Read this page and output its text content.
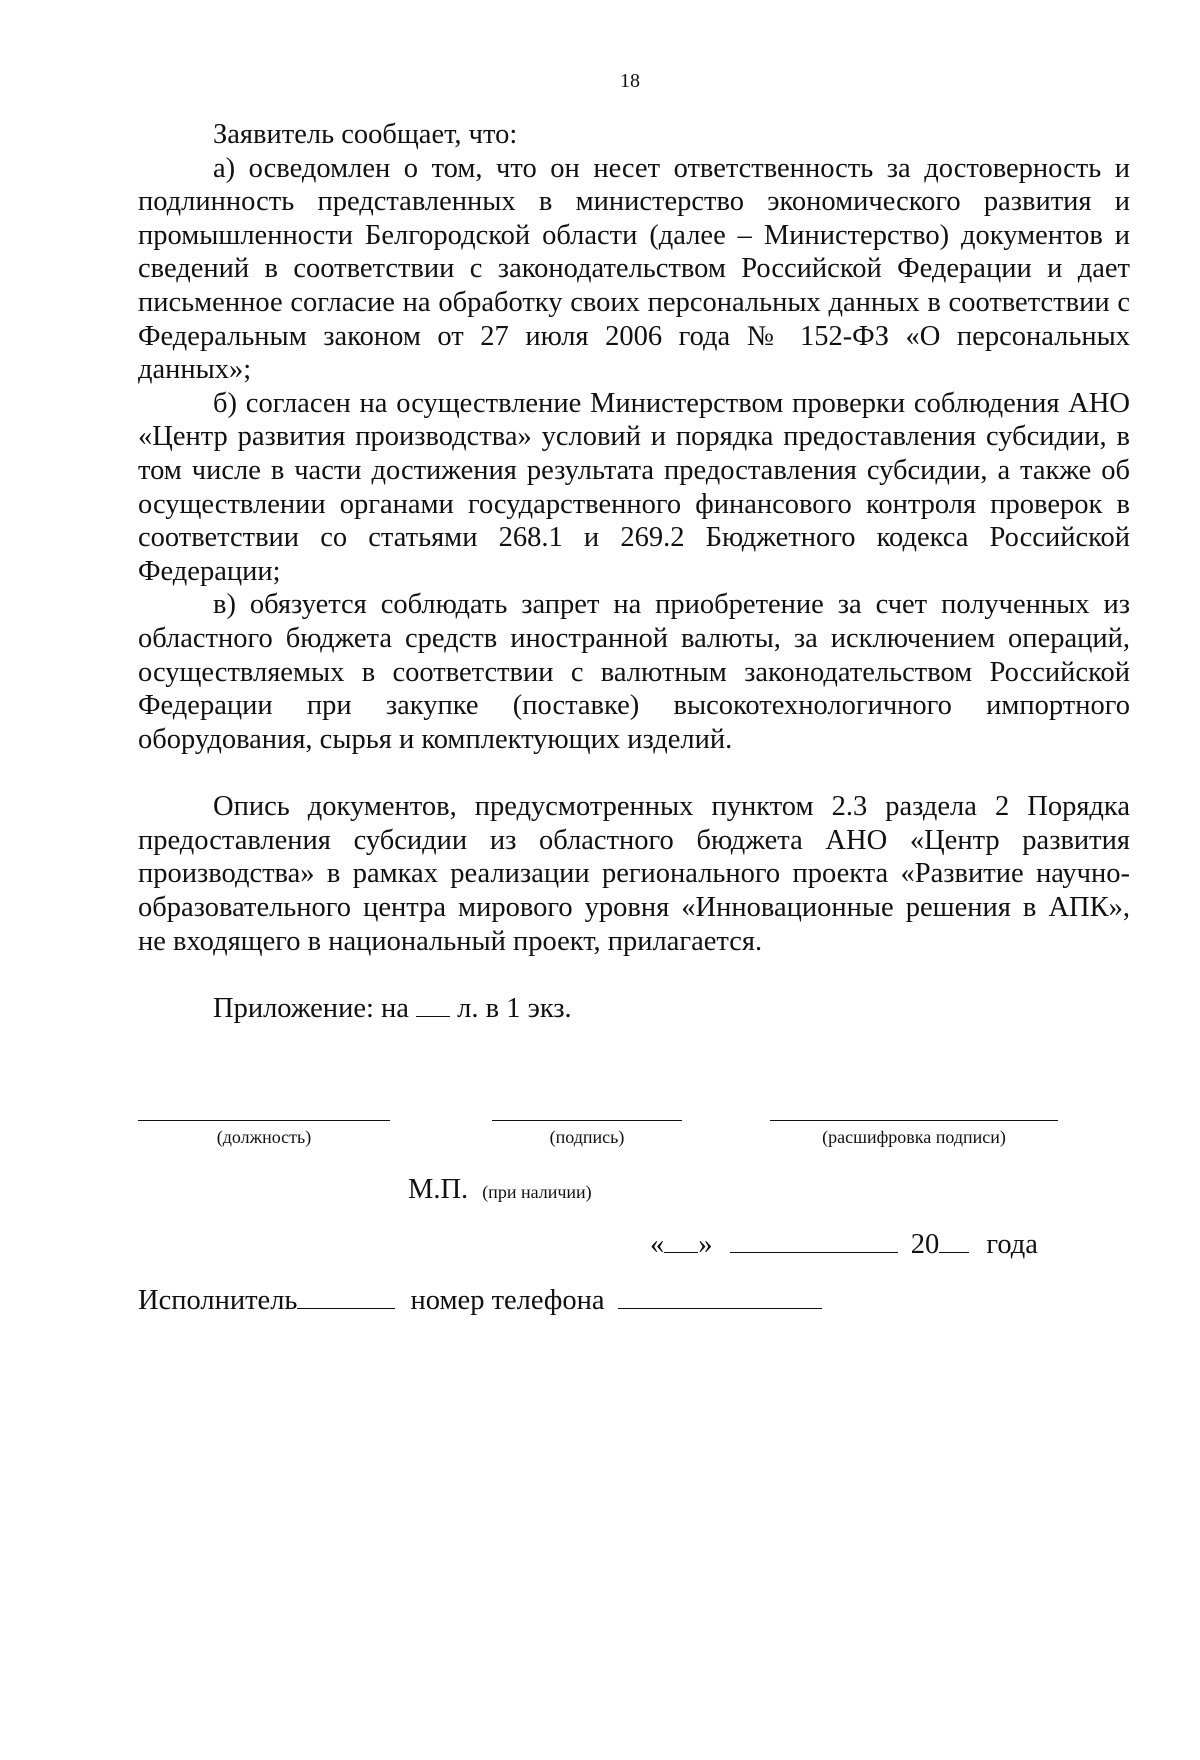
18

Заявитель сообщает, что:

а) осведомлен о том, что он несет ответственность за достоверность и подлинность представленных в министерство экономического развития и промышленности Белгородской области (далее – Министерство) документов и сведений в соответствии с законодательством Российской Федерации и дает письменное согласие на обработку своих персональных данных в соответствии с Федеральным законом от 27 июля 2006 года № 152-ФЗ «О персональных данных»;

б) согласен на осуществление Министерством проверки соблюдения АНО «Центр развития производства» условий и порядка предоставления субсидии, в том числе в части достижения результата предоставления субсидии, а также об осуществлении органами государственного финансового контроля проверок в соответствии со статьями 268.1 и 269.2 Бюджетного кодекса Российской Федерации;

в) обязуется соблюдать запрет на приобретение за счет полученных из областного бюджета средств иностранной валюты, за исключением операций, осуществляемых в соответствии с валютным законодательством Российской Федерации при закупке (поставке) высокотехнологичного импортного оборудования, сырья и комплектующих изделий.

Опись документов, предусмотренных пунктом 2.3 раздела 2 Порядка предоставления субсидии из областного бюджета АНО «Центр развития производства» в рамках реализации регионального проекта «Развитие научно-образовательного центра мирового уровня «Инновационные решения в АПК», не входящего в национальный проект, прилагается.

Приложение: на л. в 1 экз.

(должность)	(подпись)	(расшифровка подписи)
М.П. (при наличии)
« »	20 года
Исполнитель	номер телефона
